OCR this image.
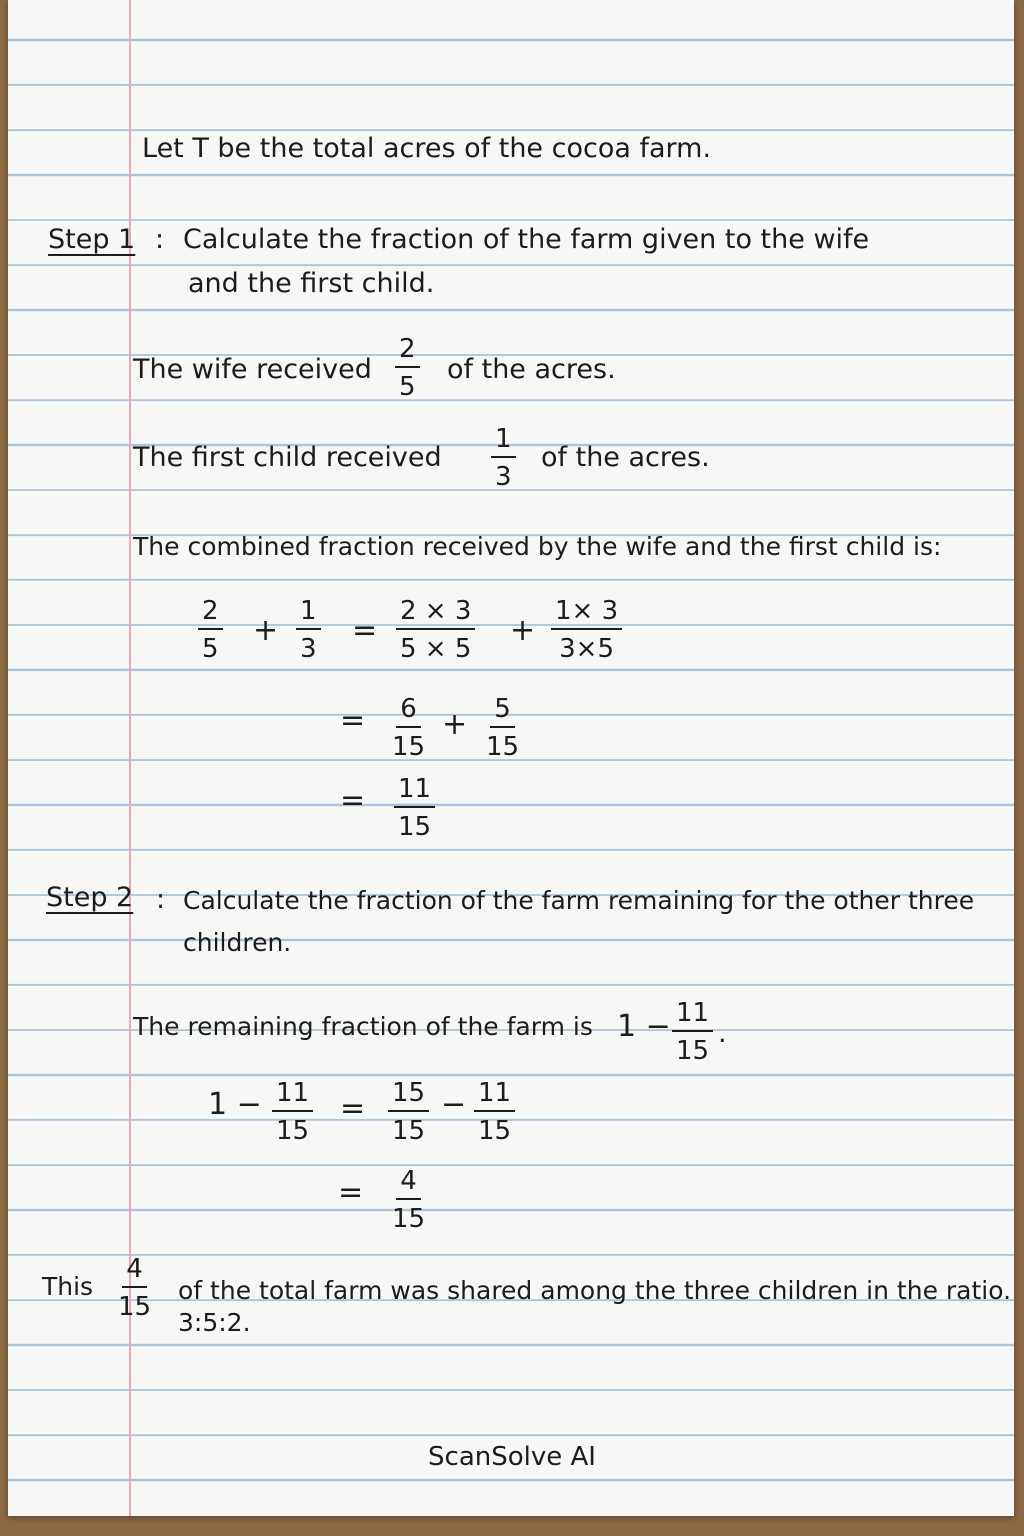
Let T be the total acres of the cocoa farm.
Step 1 : Calculate the fraction of the farm given to the wife
and the first child.
The wife received $\frac{2}{5}$ of the acres.
The first child received $\frac{1}{3}$ of the acres.
The combined fraction received by the wife and the first child is:
$\frac{2}{5} + \frac{1}{3} = \frac{2 \times 3}{5 \times 5} + \frac{1\times 3}{3\times 5}$
= $\frac{6}{15} + \frac{5}{15}$
= $\frac{11}{15}$
Step 2 : Calculate the fraction of the farm remaining for the other three
children.
The remaining fraction of the farm is $1 - \frac{11}{15}$ .
$1 - \frac{11}{15} = \frac{15}{15} - \frac{11}{15}$
= $\frac{4}{15}$
This $\frac{4}{15}$ of the total farm was shared among the three children in the ratio.
3:5:2.
ScanSolve AI
